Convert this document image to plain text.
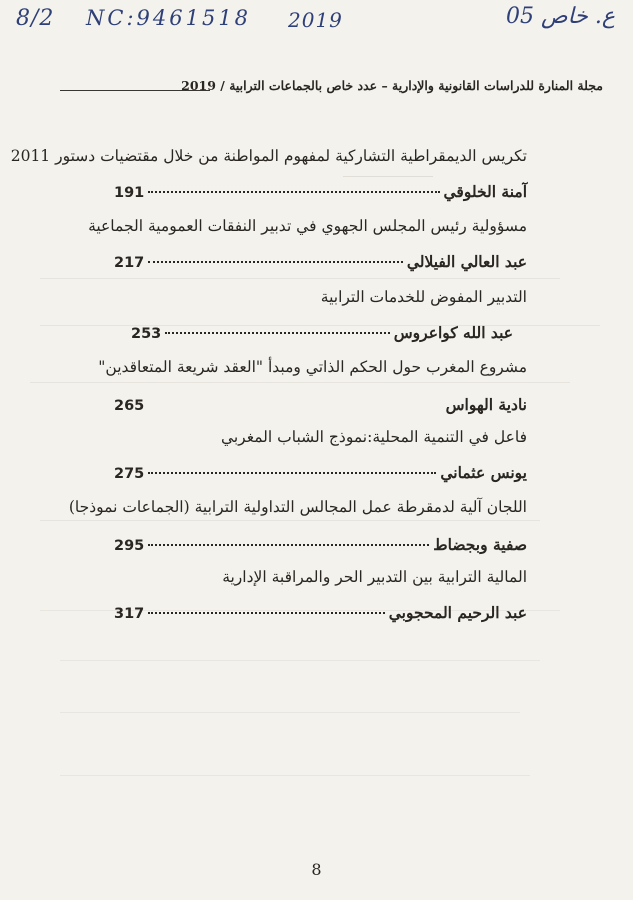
8/2 NC:9461518 2019	ع. خاص 05
مجلة المنارة للدراسات القانونية والإدارية – عدد خاص بالجماعات الترابية / 2019
تكريس الديمقراطية التشاركية لمفهوم المواطنة من خلال مقتضيات دستور 2011
آمنة الخلوقي
191
مسؤولية رئيس المجلس الجهوي في تدبير النفقات العمومية الجماعية
عبد العالي الفيلالي
217
التدبير المفوض للخدمات الترابية
عبد الله كواعروس
253
مشروع المغرب حول الحكم الذاتي ومبدأ "العقد شريعة المتعاقدين"
نادية الهواس
265
فاعل في التنمية المحلية:نموذج الشباب المغربي
يونس عثماني
275
اللجان آلية لدمقرطة عمل المجالس التداولية الترابية (الجماعات نموذجا)
صفية وبجضاط
295
المالية الترابية بين التدبير الحر والمراقبة الإدارية
عبد الرحيم المحجوبي
317
8
